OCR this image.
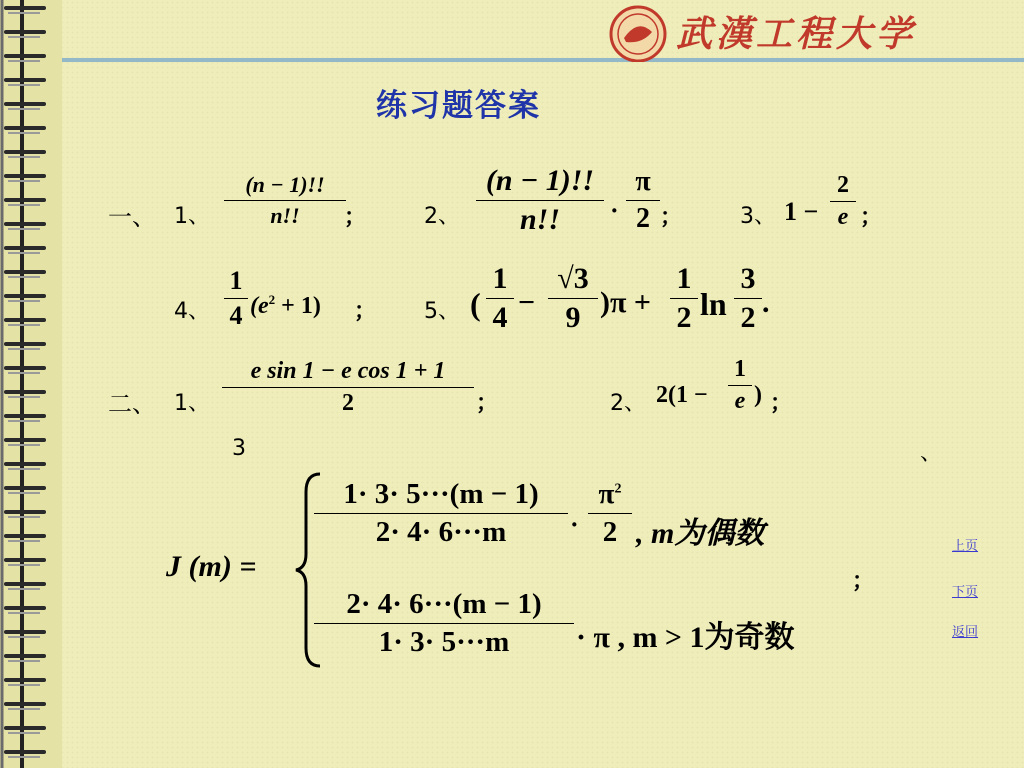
武漢工程大学
练习题答案
一、 1、
(n − 1)!!
n!!	；	2、
(n − 1)!!
n!!	·
π
2 ；	3、 1 −
2
e ；
4、
1
4 $(e^2 + 1)$ ； 5、 (
1
4 −
√3
9 )π +
1
2 ln
3
2 .
二、 1、
e sin 1 − e cos 1 + 1
2	；	2、 2(1 −
1
e ) ；
3	、
J (m) =
1· 3· 5···(m − 1)
2· 4· 6···m	·
$\pi^2$
2 , m为偶数
2· 4· 6···(m − 1)
1· 3· 5···m	· π , m > 1为奇数
；
上页
下页
返回
